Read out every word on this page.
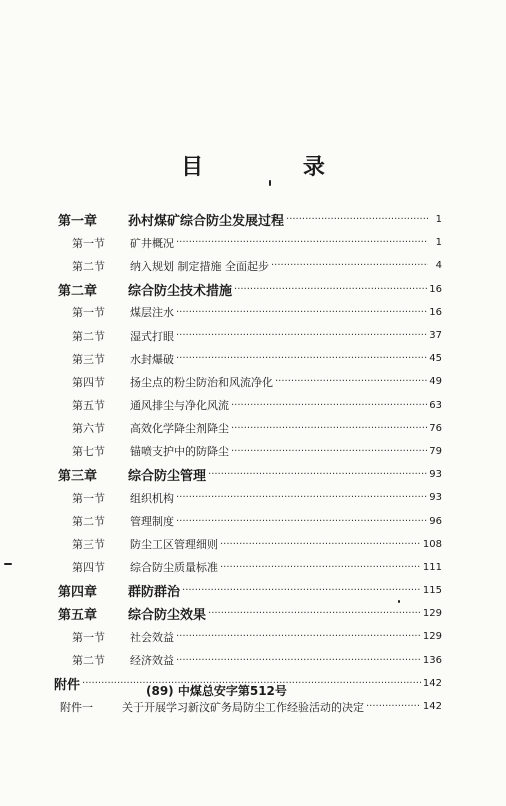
目 录
第一章	孙村煤矿综合防尘发展过程 ·····	1
第一节	矿井概况 ·····	1
第二节	纳入规划 制定措施 全面起步 ·····	4
第二章	综合防尘技术措施 ·····	16
第一节	煤层注水 ·····	16
第二节	湿式打眼 ·····	37
第三节	水封爆破 ·····	45
第四节	扬尘点的粉尘防治和风流净化 ·····	49
第五节	通风排尘与净化风流 ·····	63
第六节	高效化学降尘剂降尘 ·····	76
第七节	锚喷支护中的防降尘 ·····	79
第三章	综合防尘管理 ·····	93
第一节	组织机构 ·····	93
第二节	管理制度 ·····	96
第三节	防尘工区管理细则 ·····	108
第四节	综合防尘质量标准 ·····	111
第四章	群防群治 ·····	115
第五章	综合防尘效果 ·····	129
第一节	社会效益 ·····	129
第二节	经济效益 ·····	136
附件 ·····	142
附件一	关于开展学习新汶矿务局防尘工作经验活动的决定 ·····	142
(89) 中煤总安字第512号
